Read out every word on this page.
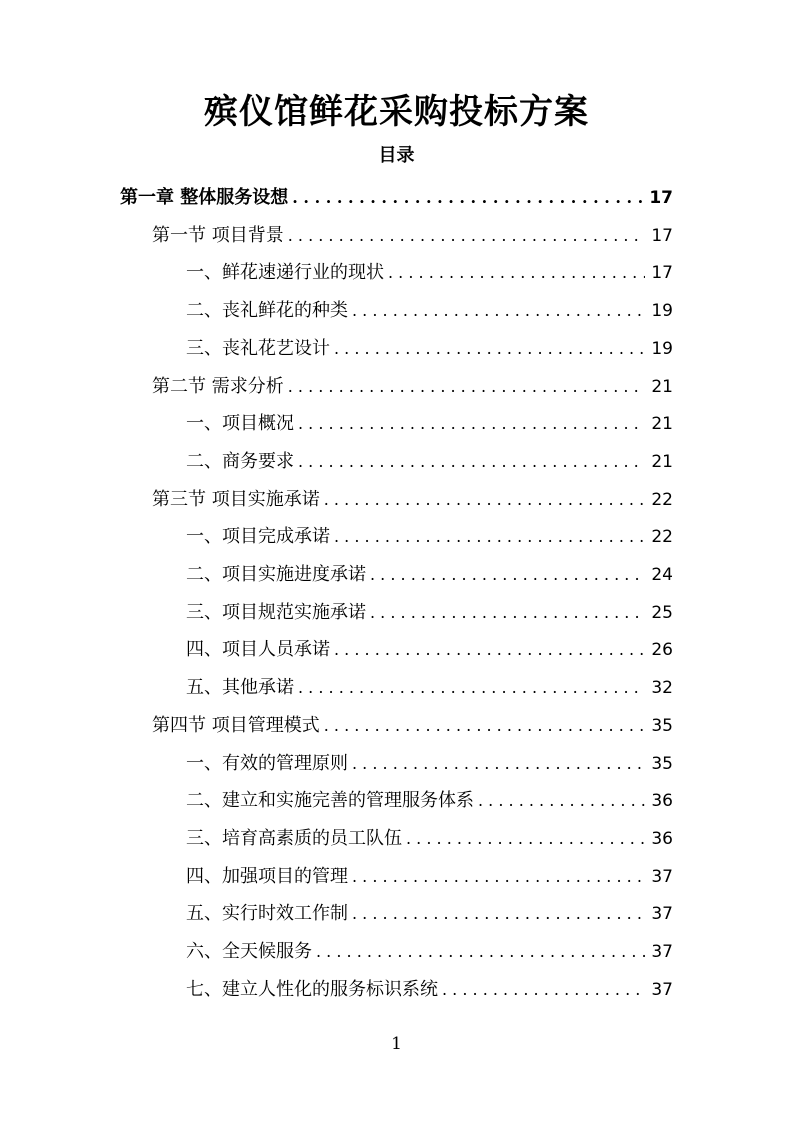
殡仪馆鲜花采购投标方案
目录
第一章 整体服务设想 . . .	17
第一节 项目背景 . . .	17
一、鲜花速递行业的现状 . . .	17
二、丧礼鲜花的种类 . . .	19
三、丧礼花艺设计 . . .	19
第二节 需求分析 . . .	21
一、项目概况 . . .	21
二、商务要求 . . .	21
第三节 项目实施承诺 . . .	22
一、项目完成承诺 . . .	22
二、项目实施进度承诺 . . .	24
三、项目规范实施承诺 . . .	25
四、项目人员承诺 . . .	26
五、其他承诺 . . .	32
第四节 项目管理模式 . . .	35
一、有效的管理原则 . . .	35
二、建立和实施完善的管理服务体系 . . .	36
三、培育高素质的员工队伍 . . .	36
四、加强项目的管理 . . .	37
五、实行时效工作制 . . .	37
六、全天候服务 . . .	37
七、建立人性化的服务标识系统 . . .	37
1
